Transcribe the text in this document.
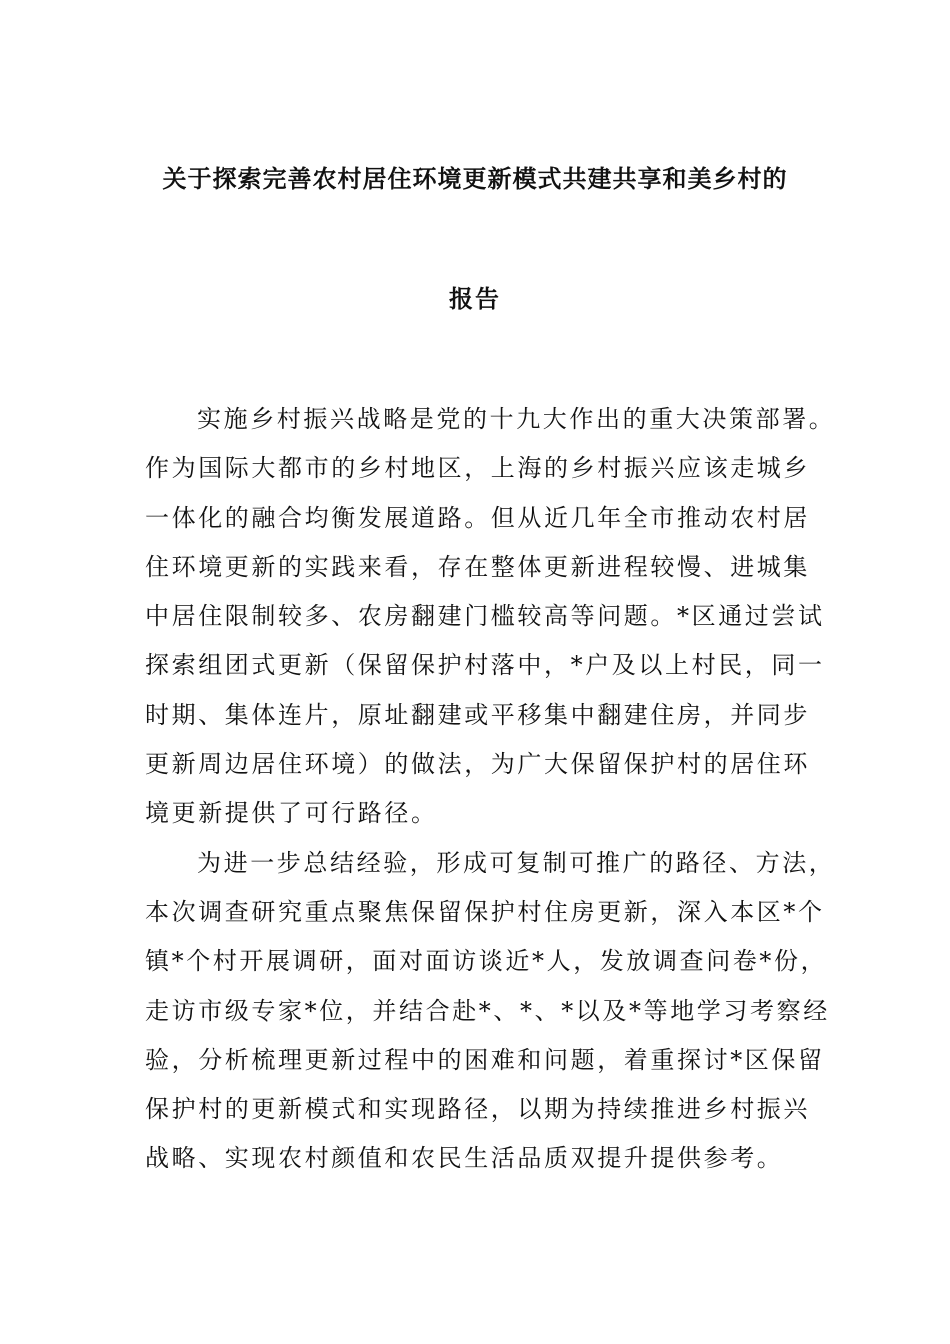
关于探索完善农村居住环境更新模式共建共享和美乡村的
报告
实施乡村振兴战略是党的十九大作出的重大决策部署。
作为国际大都市的乡村地区，上海的乡村振兴应该走城乡
一体化的融合均衡发展道路。但从近几年全市推动农村居
住环境更新的实践来看，存在整体更新进程较慢、进城集
中居住限制较多、农房翻建门槛较高等问题。*区通过尝试
探索组团式更新（保留保护村落中，*户及以上村民，同一
时期、集体连片，原址翻建或平移集中翻建住房，并同步
更新周边居住环境）的做法，为广大保留保护村的居住环
境更新提供了可行路径。
为进一步总结经验，形成可复制可推广的路径、方法，
本次调查研究重点聚焦保留保护村住房更新，深入本区*个
镇*个村开展调研，面对面访谈近*人，发放调查问卷*份，
走访市级专家*位，并结合赴*、*、*以及*等地学习考察经
验，分析梳理更新过程中的困难和问题，着重探讨*区保留
保护村的更新模式和实现路径，以期为持续推进乡村振兴
战略、实现农村颜值和农民生活品质双提升提供参考。
